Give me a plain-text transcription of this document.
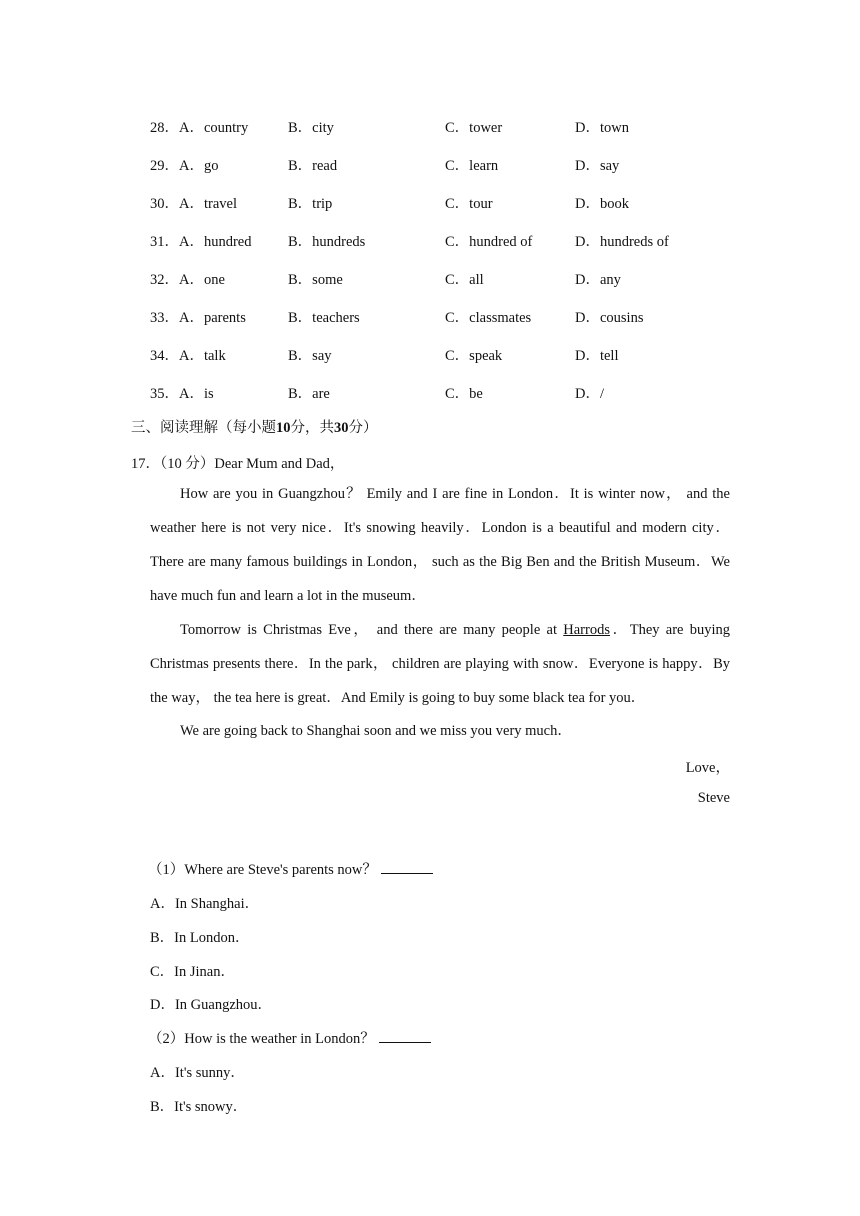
28．A．country	B．city	C．tower	D．town
29．A．go	B．read	C．learn	D．say
30．A．travel	B．trip	C．tour	D．book
31．A．hundred	B．hundreds	C．hundred of	D．hundreds of
32．A．one	B．some	C．all	D．any
33．A．parents	B．teachers	C．classmates	D．cousins
34．A．talk	B．say	C．speak	D．tell
35．A．is	B．are	C．be	D．/
三、阅读理解（每小题10分，共30分）
17．（10 分）Dear Mum and Dad，
How are you in Guangzhou？ Emily and I are fine in London．It is winter now， and the weather here is not very nice．It's snowing heavily．London is a beautiful and modern city．There are many famous buildings in London， such as the Big Ben and the British Museum．We have much fun and learn a lot in the museum．
Tomorrow is Christmas Eve， and there are many people at Harrods．They are buying Christmas presents there．In the park， children are playing with snow．Everyone is happy．By the way， the tea here is great．And Emily is going to buy some black tea for you．
We are going back to Shanghai soon and we miss you very much．
Love，
Steve
（1）Where are Steve's parents now？
A．In Shanghai．
B．In London．
C．In Jinan．
D．In Guangzhou．
（2）How is the weather in London？
A．It's sunny．
B．It's snowy．
